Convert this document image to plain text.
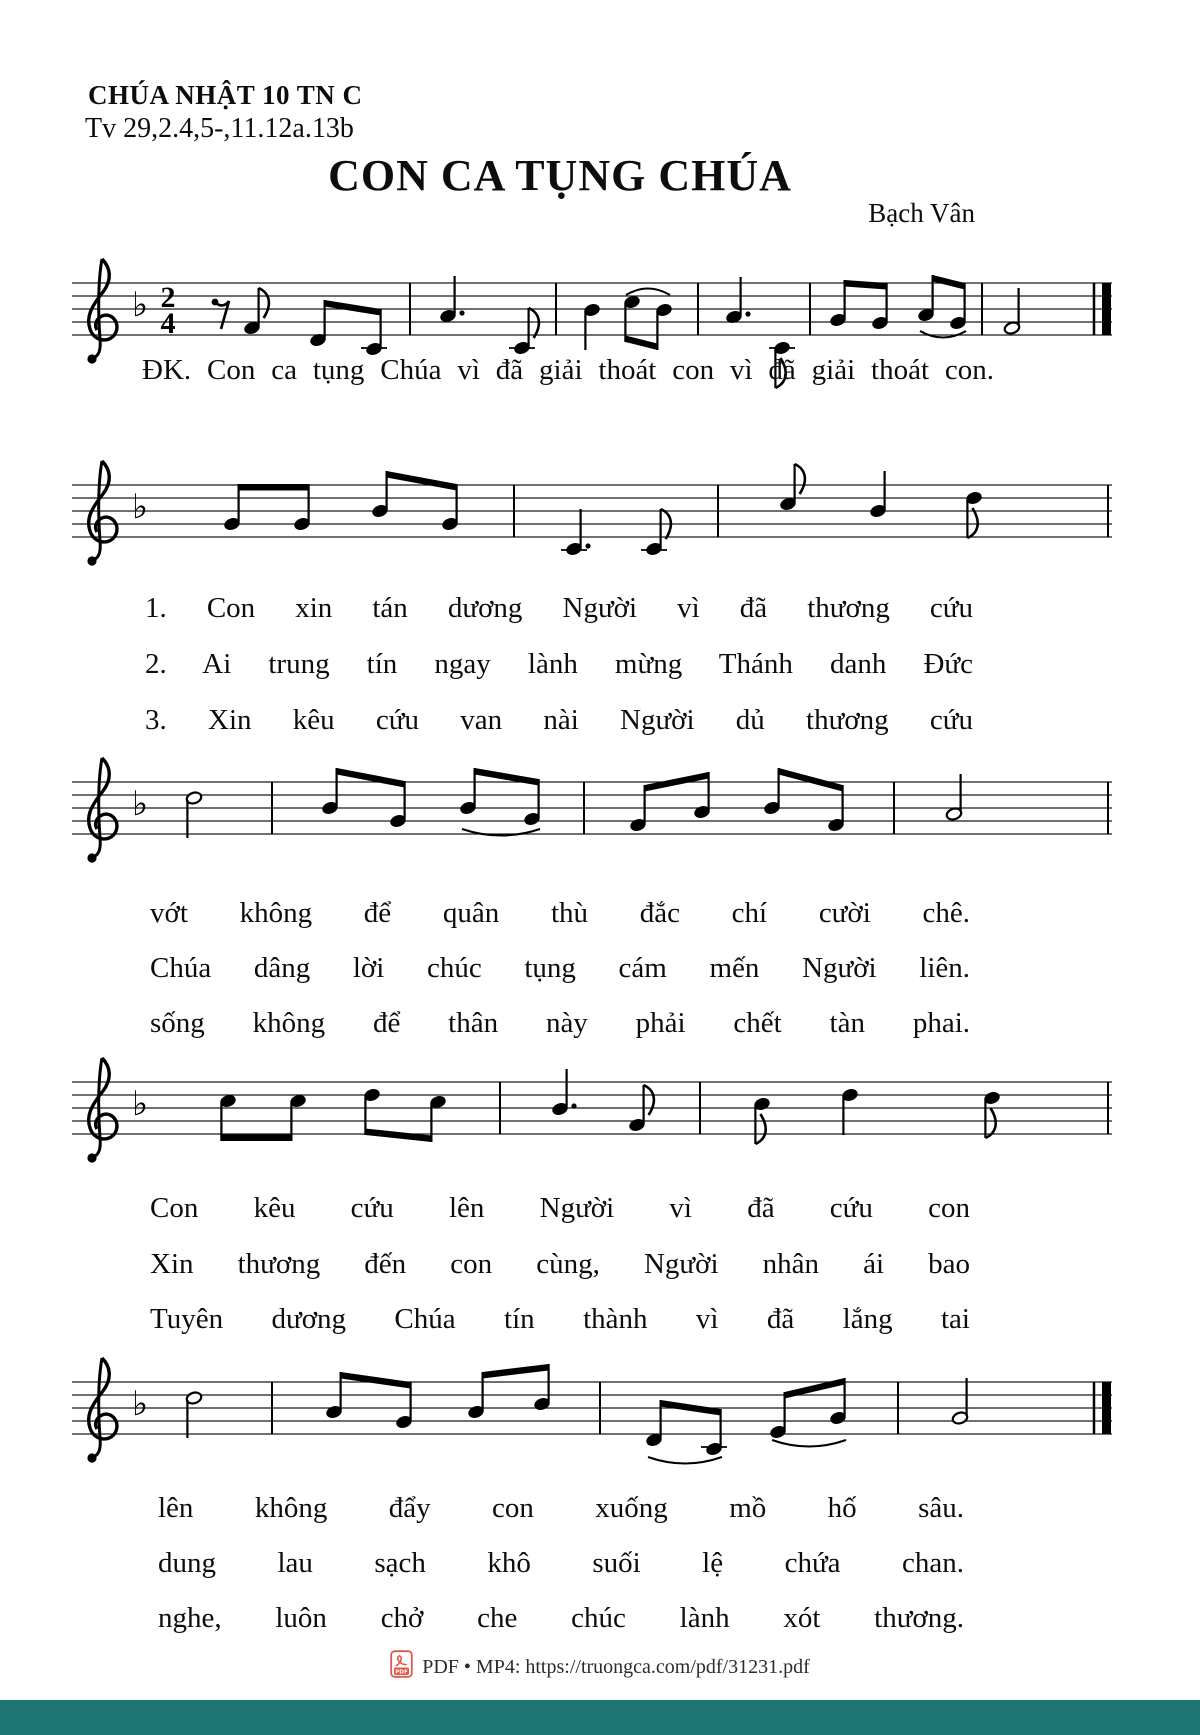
CHÚA NHẬT 10 TN C
Tv 29,2.4,5-,11.12a.13b
CON CA TỤNG CHÚA
Bạch Vân
♭ 2
4
ĐK. Con ca tụng Chúa vì đã giải thoát con vì đã giải thoát con.
♭
1. Con xin tán dương Người vì đã thương cứu
2. Ai trung tín ngay lành mừng Thánh danh Đức
3. Xin kêu cứu van nài Người dủ thương cứu
♭
vớt không để quân thù đắc chí cười chê.
Chúa dâng lời chúc tụng cám mến Người liên.
sống không để thân này phải chết tàn phai.
♭
Con kêu cứu lên Người vì đã cứu con
Xin thương đến con cùng, Người nhân ái bao
Tuyên dương Chúa tín thành vì đã lắng tai
♭
lên không đẩy con xuống mồ hố sâu.
dung lau sạch khô suối lệ chứa chan.
nghe, luôn chở che chúc lành xót thương.
PDF PDF • MP4: https://truongca.com/pdf/31231.pdf
